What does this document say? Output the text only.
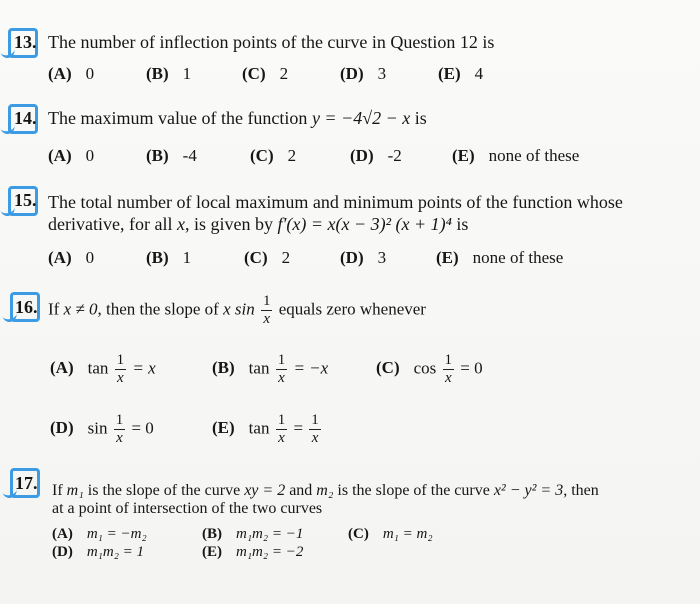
13. The number of inflection points of the curve in Question 12 is
(A) 0	(B) 1	(C) 2	(D) 3	(E) 4
14. The maximum value of the function y = −4√2 − x is
(A) 0	(B) -4	(C) 2	(D) -2	(E) none of these
15. The total number of local maximum and minimum points of the function whose
derivative, for all x, is given by f′(x) = x(x − 3)² (x + 1)⁴ is
(A) 0	(B) 1	(C) 2	(D) 3	(E) none of these
16. If x ≠ 0, then the slope of x $\sin \frac{1}{x}$ equals zero whenever
(A) $\tan \frac{1}{x} = x$	(B) $\tan \frac{1}{x} = -x$	(C) $\cos \frac{1}{x} = 0$
(D) $\sin \frac{1}{x} = 0$	(E) $\tan \frac{1}{x} = \frac{1}{x}$
17. If m₁ is the slope of the curve xy = 2 and m₂ is the slope of the curve x² − y² = 3, then
at a point of intersection of the two curves
(A) m₁ = −m₂	(B) m₁m₂ = −1	(C) m₁ = m₂
(D) m₁m₂ = 1	(E) m₁m₂ = −2
